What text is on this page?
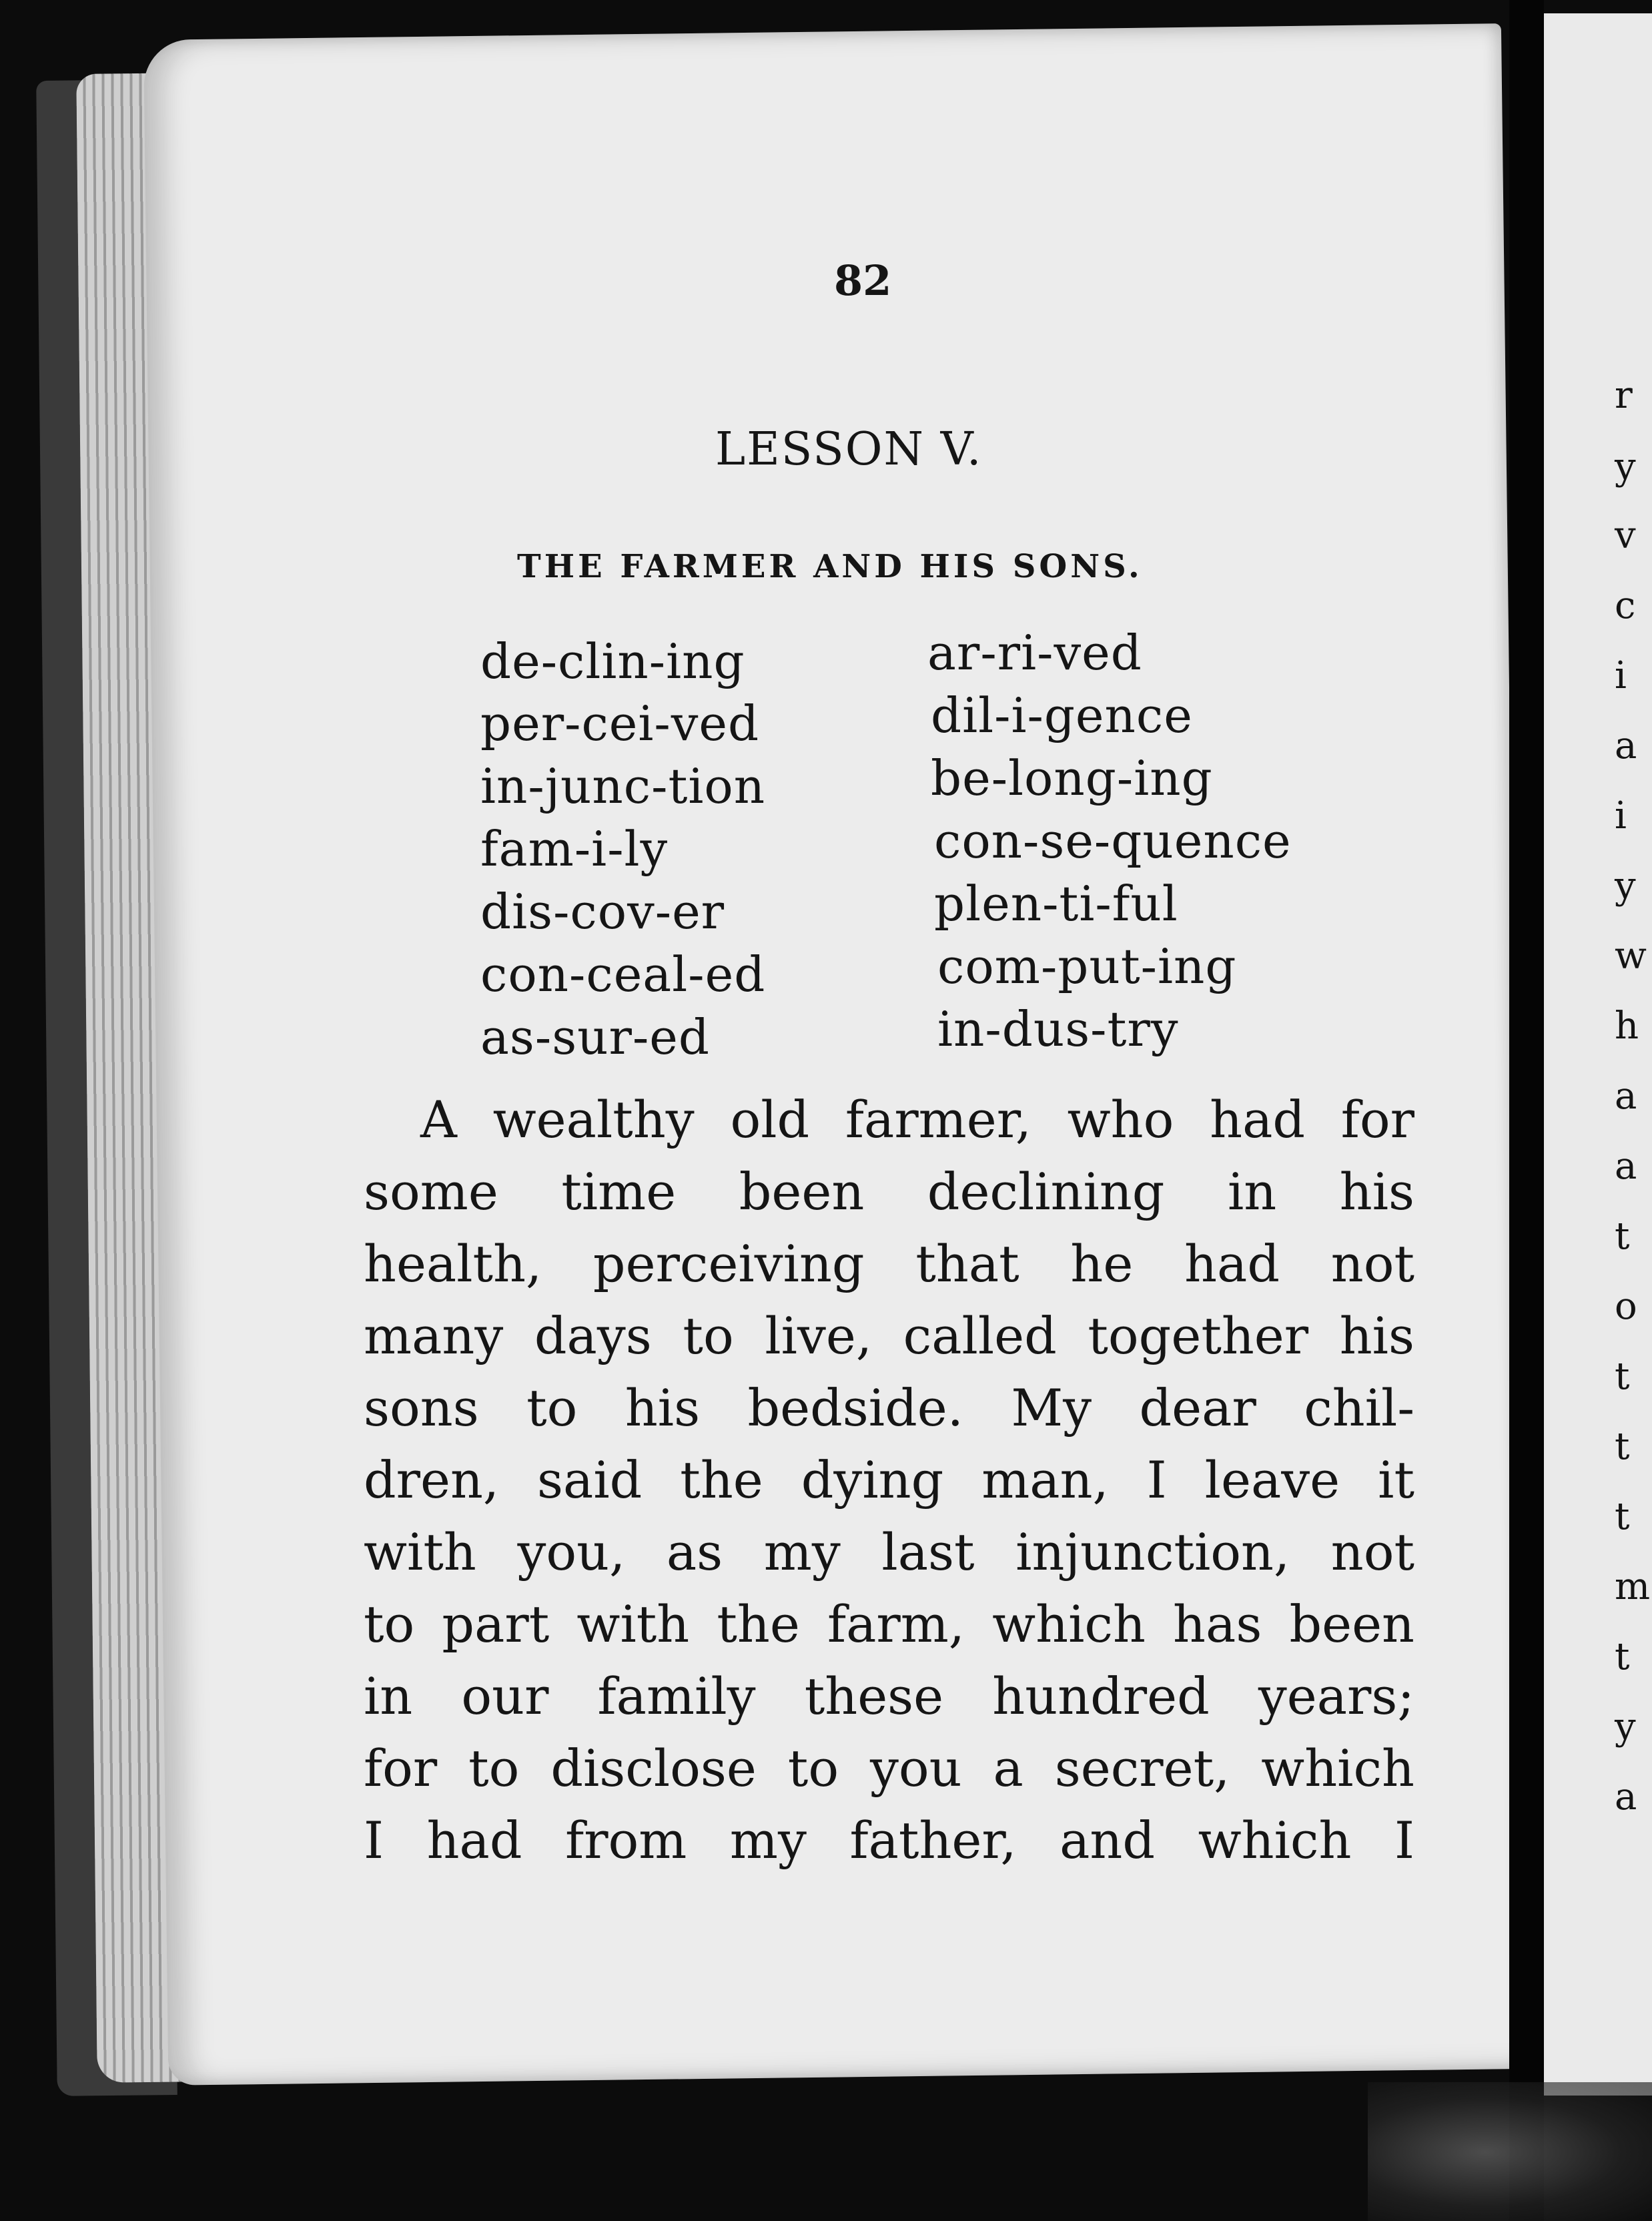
82
LESSON V.
THE FARMER AND HIS SONS.
de-clin-ing
per-cei-ved
in-junc-tion
fam-i-ly
dis-cov-er
con-ceal-ed
as-sur-ed
ar-ri-ved
dil-i-gence
be-long-ing
con-se-quence
plen-ti-ful
com-put-ing
in-dus-try
A wealthy old farmer, who had for
some time been declining in his
health, perceiving that he had not
many days to live, called together his
sons to his bedside. My dear chil-
dren, said the dying man, I leave it
with you, as my last injunction, not
to part with the farm, which has been
in our family these hundred years;
for to disclose to you a secret, which
I had from my father, and which I
r
y
v
c
i
a
i
y
w
h
a
a
t
o
t
t
t
m
t
y
a
